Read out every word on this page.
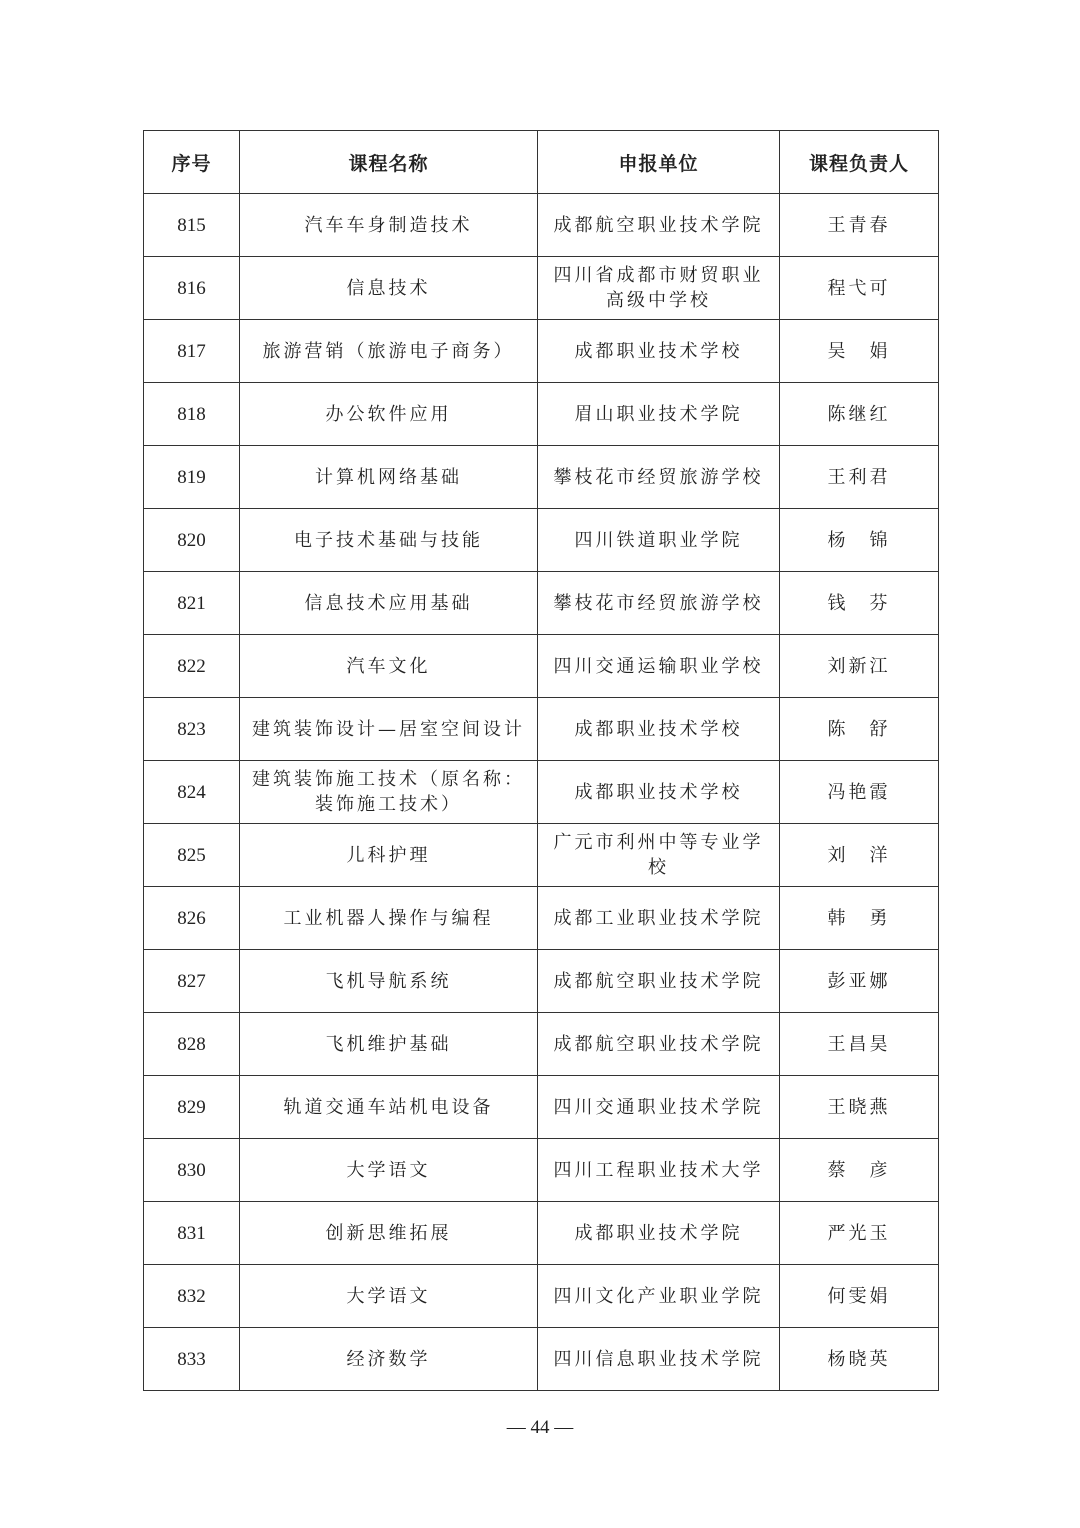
序号	课程名称	申报单位	课程负责人
815	汽车车身制造技术	成都航空职业技术学院	王青春
816	信息技术	四川省成都市财贸职业高级中学校	程弋可
817	旅游营销（旅游电子商务）	成都职业技术学校	吴　娟
818	办公软件应用	眉山职业技术学院	陈继红
819	计算机网络基础	攀枝花市经贸旅游学校	王利君
820	电子技术基础与技能	四川铁道职业学院	杨　锦
821	信息技术应用基础	攀枝花市经贸旅游学校	钱　芬
822	汽车文化	四川交通运输职业学校	刘新江
823	建筑装饰设计—居室空间设计	成都职业技术学校	陈　舒
824	建筑装饰施工技术（原名称：装饰施工技术）	成都职业技术学校	冯艳霞
825	儿科护理	广元市利州中等专业学校	刘　洋
826	工业机器人操作与编程	成都工业职业技术学院	韩　勇
827	飞机导航系统	成都航空职业技术学院	彭亚娜
828	飞机维护基础	成都航空职业技术学院	王昌昊
829	轨道交通车站机电设备	四川交通职业技术学院	王晓燕
830	大学语文	四川工程职业技术大学	蔡　彦
831	创新思维拓展	成都职业技术学院	严光玉
832	大学语文	四川文化产业职业学院	何雯娟
833	经济数学	四川信息职业技术学院	杨晓英
— 44 —
